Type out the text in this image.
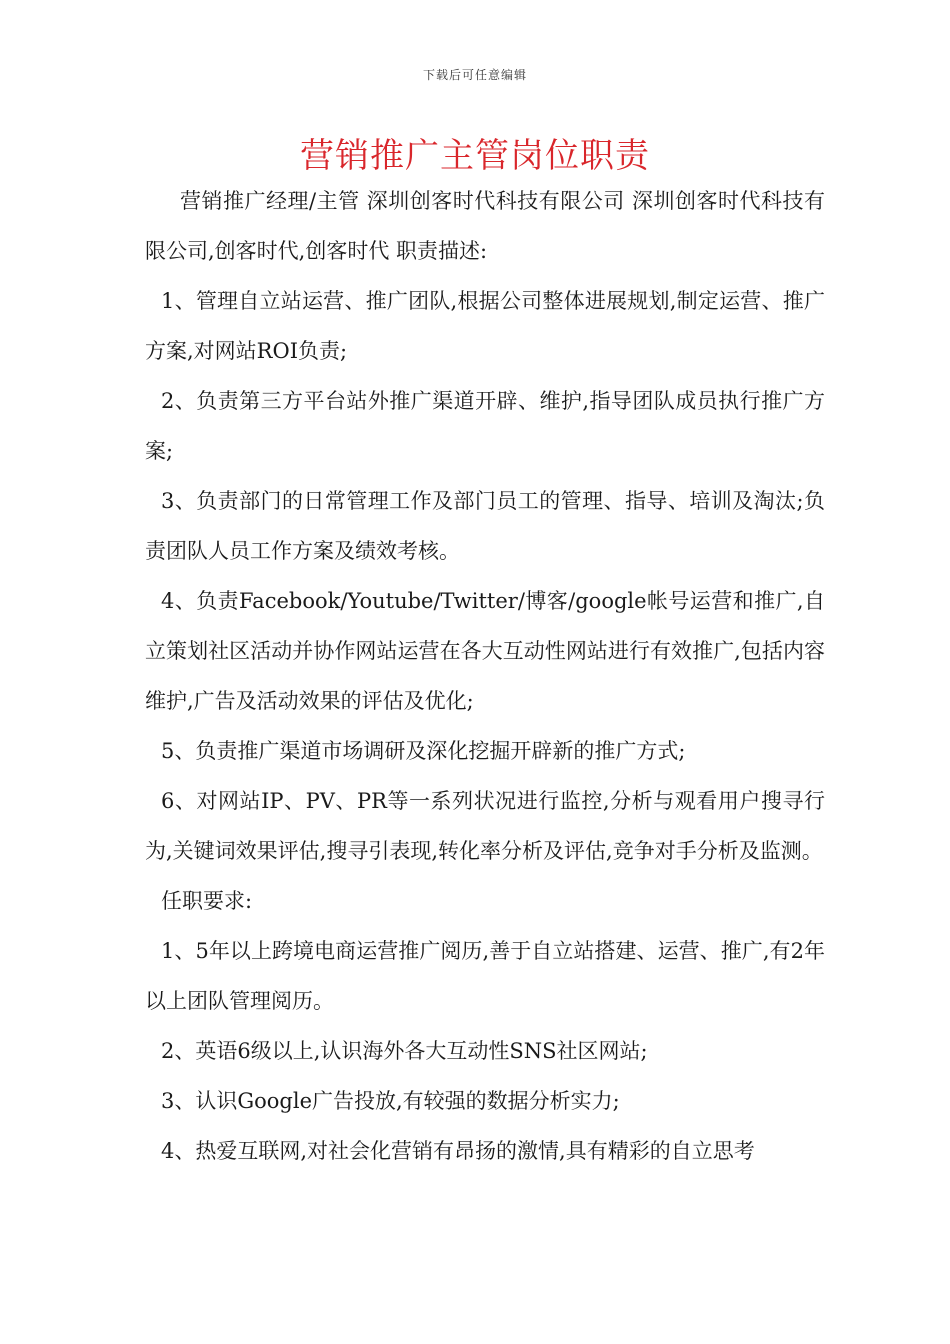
下载后可任意编辑
营销推广主管岗位职责

营销推广经理/主管 深圳创客时代科技有限公司 深圳创客时代科技有限公司,创客时代,创客时代 职责描述:

1、管理自立站运营、推广团队,根据公司整体进展规划,制定运营、推广方案,对网站ROI负责;

2、负责第三方平台站外推广渠道开辟、维护,指导团队成员执行推广方案;

3、负责部门的日常管理工作及部门员工的管理、指导、培训及淘汰;负责团队人员工作方案及绩效考核。

4、负责Facebook/Youtube/Twitter/博客/google帐号运营和推广,自立策划社区活动并协作网站运营在各大互动性网站进行有效推广,包括内容维护,广告及活动效果的评估及优化;

5、负责推广渠道市场调研及深化挖掘开辟新的推广方式;

6、对网站IP、PV、PR等一系列状况进行监控,分析与观看用户搜寻行为,关键词效果评估,搜寻引表现,转化率分析及评估,竞争对手分析及监测。

任职要求:

1、5年以上跨境电商运营推广阅历,善于自立站搭建、运营、推广,有2年以上团队管理阅历。

2、英语6级以上,认识海外各大互动性SNS社区网站;

3、认识Google广告投放,有较强的数据分析实力;

4、热爱互联网,对社会化营销有昂扬的激情,具有精彩的自立思考
